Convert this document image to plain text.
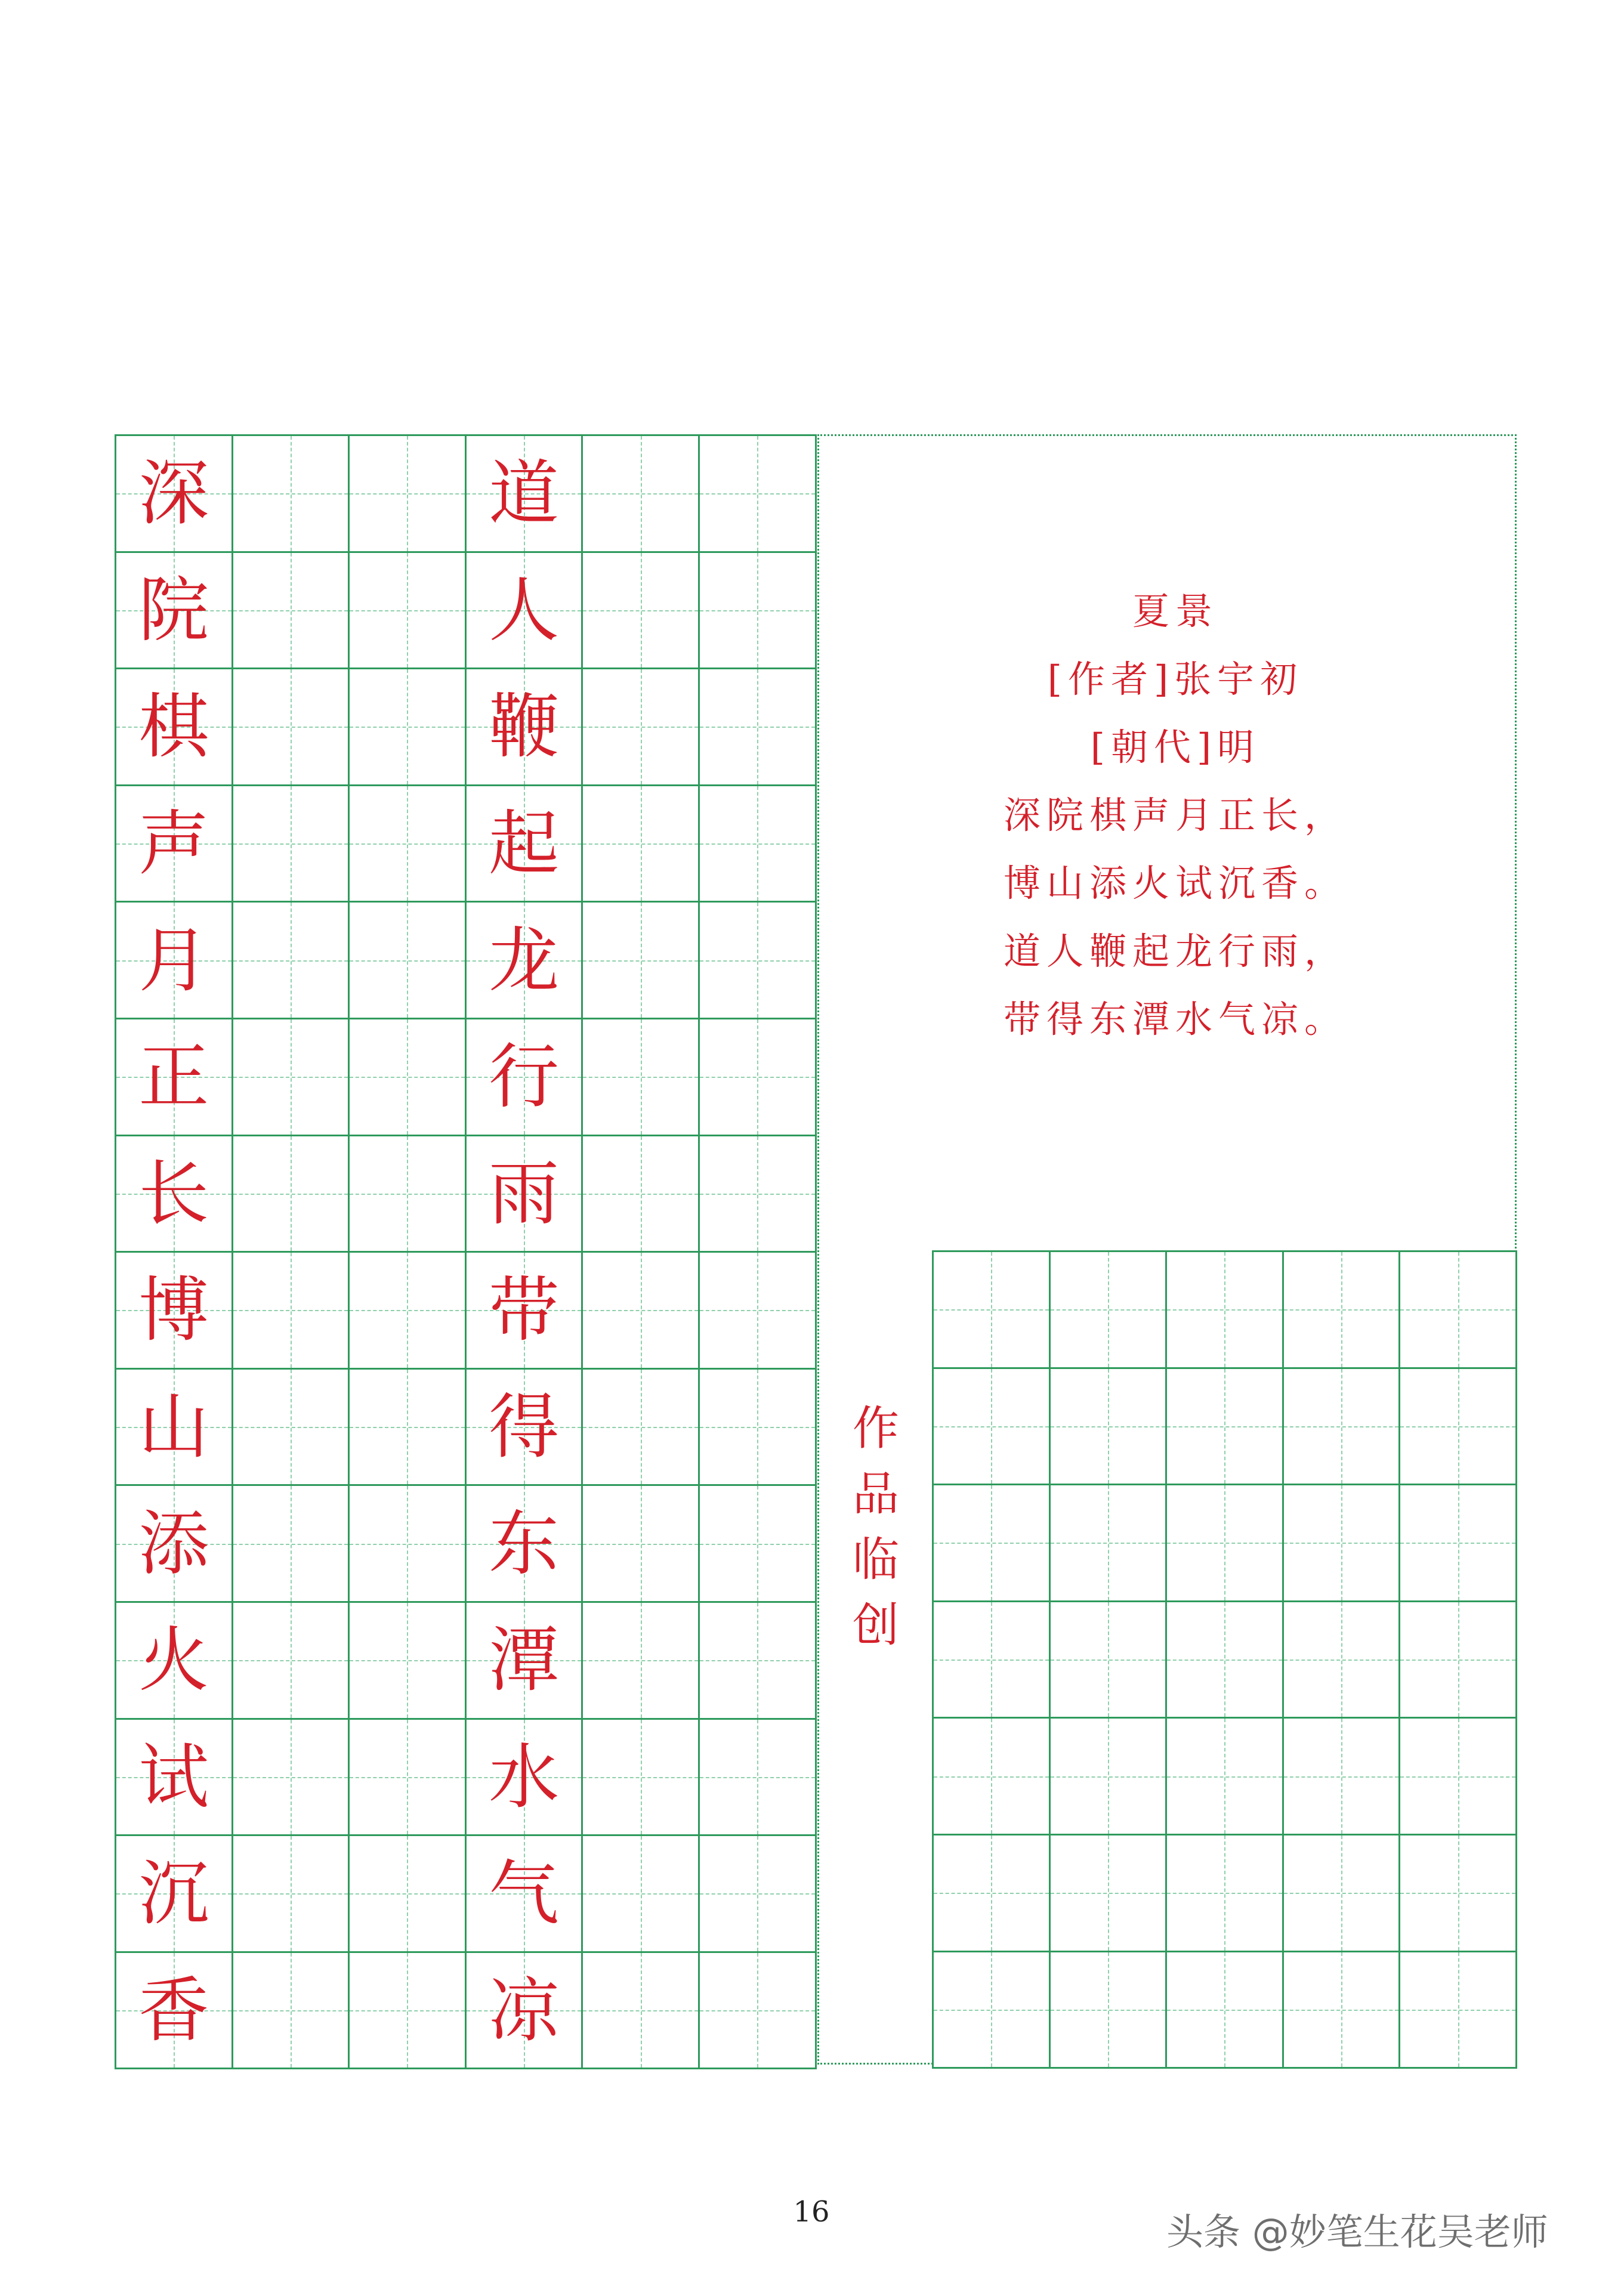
深	道
院	人
棋	鞭
声	起
月	龙
正	行
长	雨
博	带
山	得
添	东
火	潭
试	水
沉	气
香	凉
夏景
[作者]张宇初
[朝代]明
深院棋声月正长，
博山添火试沉香。
道人鞭起龙行雨，
带得东潭水气凉。
作
品
临
创
16	头条 @妙笔生花吴老师
